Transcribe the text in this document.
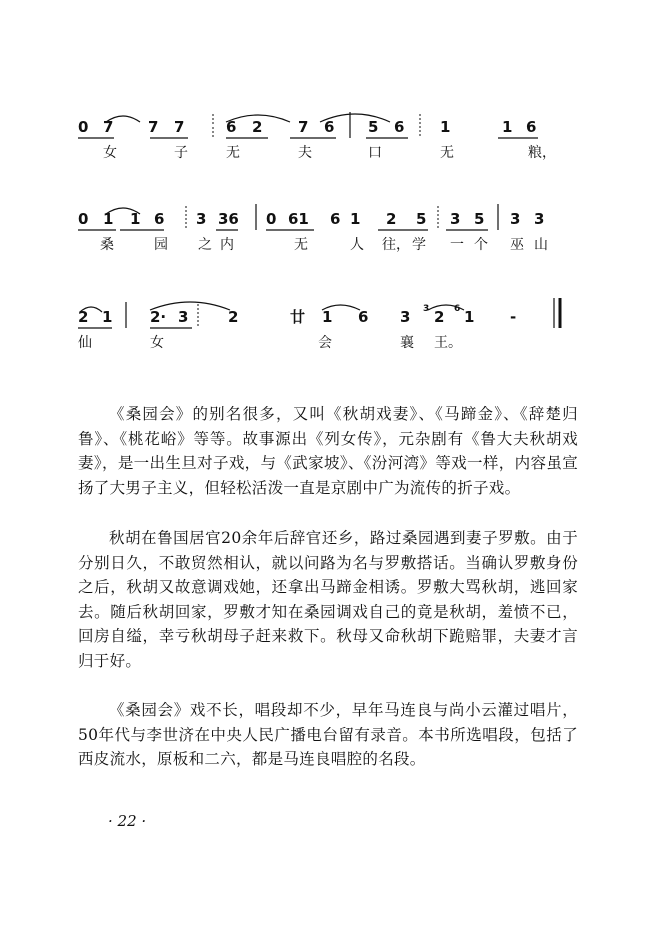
0 7 7 7	6 2 7 6 5 6 1	1 6
女	子	无	夫	口	无	粮，
0 1 1 6 3 36 0 61 6 1 2 5 3 5 3 3
桑	园 之 内	无	人 往， 学 一 个 巫 山
2 1	2· 3	2	廿 1 6 3 2 1 -
3	6
仙	女	会	襄 王。

《桑园会》的别名很多，又叫《秋胡戏妻》、《马蹄金》、《辞楚归鲁》、《桃花峪》等等。故事源出《列女传》，元杂剧有《鲁大夫秋胡戏妻》，是一出生旦对子戏，与《武家坡》、《汾河湾》等戏一样，内容虽宣扬了大男子主义，但轻松活泼一直是京剧中广为流传的折子戏。

秋胡在鲁国居官20余年后辞官还乡，路过桑园遇到妻子罗敷。由于分别日久，不敢贸然相认，就以问路为名与罗敷搭话。当确认罗敷身份之后，秋胡又故意调戏她，还拿出马蹄金相诱。罗敷大骂秋胡，逃回家去。随后秋胡回家，罗敷才知在桑园调戏自己的竟是秋胡，羞愤不已，回房自缢，幸亏秋胡母子赶来救下。秋母又命秋胡下跪赔罪，夫妻才言归于好。

《桑园会》戏不长，唱段却不少，早年马连良与尚小云灌过唱片，50年代与李世济在中央人民广播电台留有录音。本书所选唱段，包括了西皮流水，原板和二六，都是马连良唱腔的名段。

· 22 ·
